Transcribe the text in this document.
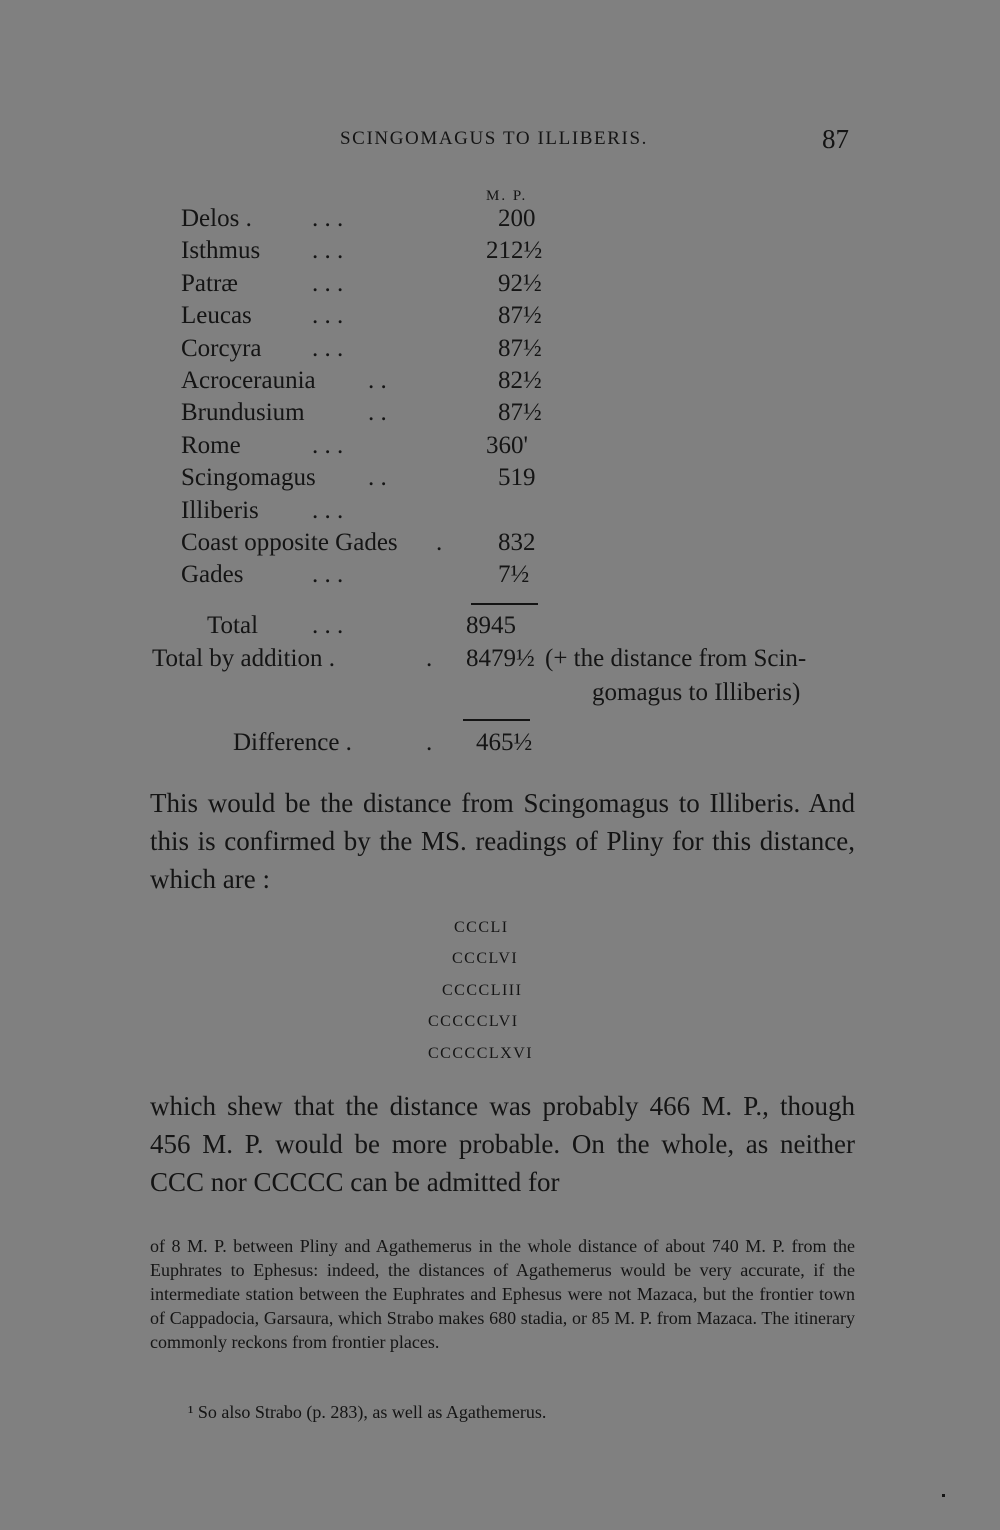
SCINGOMAGUS TO ILLIBERIS.	87
M. P.
Delos . . . .	200
Isthmus . . .	212½
Patræ	. . .	92½
Leucas . . .	87½
Corcyra . . .	87½
Acroceraunia . .	82½
Brundusium	. .	87½
Rome	. . .	360'
Scingomagus . .	519
Illiberis . . .
Coast opposite Gades .	832
Gades	. . .	7½
Total . . .	8945
Total by addition .	. 8479½ (+ the distance from Scin-
gomagus to Illiberis)
Difference .	. 465½
This would be the distance from Scingomagus to Illiberis. And this is confirmed by the MS. readings of Pliny for this distance, which are :
CCCLI
CCCLVI
CCCCLIII
CCCCCLVI
CCCCCLXVI
which shew that the distance was probably 466 M. P., though 456 M. P. would be more probable. On the whole, as neither CCC nor CCCCC can be admitted for
of 8 M. P. between Pliny and Agathemerus in the whole distance of about 740 M. P. from the Euphrates to Ephesus: indeed, the distances of Agathemerus would be very accurate, if the intermediate station between the Euphrates and Ephesus were not Mazaca, but the frontier town of Cappadocia, Garsaura, which Strabo makes 680 stadia, or 85 M. P. from Mazaca. The itinerary commonly reckons from frontier places.
¹ So also Strabo (p. 283), as well as Agathemerus.
